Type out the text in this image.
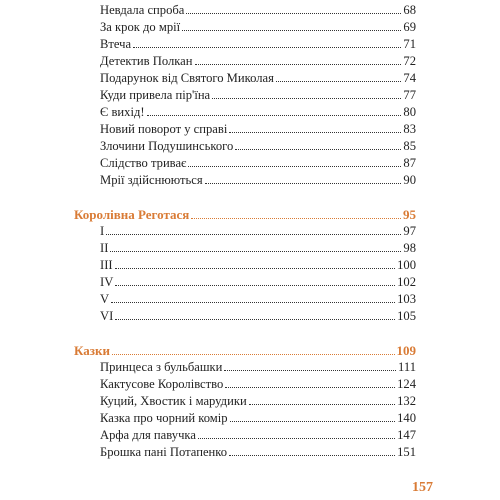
Невдала спроба	68
За крок до мрії	69
Втеча	71
Детектив Полкан	72
Подарунок від Святого Миколая	74
Куди привела пір'їна	77
Є вихід!	80
Новий поворот у справі	83
Злочини Подушинського	85
Слідство триває	87
Мрії здійснюються	90
Королівна Реготася	95
I	97
II	98
III	100
IV	102
V	103
VI	105
Казки	109
Принцеса з бульбашки	111
Кактусове Королівство	124
Куций, Хвостик і марудики	132
Казка про чорний комір	140
Арфа для павучка	147
Брошка пані Потапенко	151
157
